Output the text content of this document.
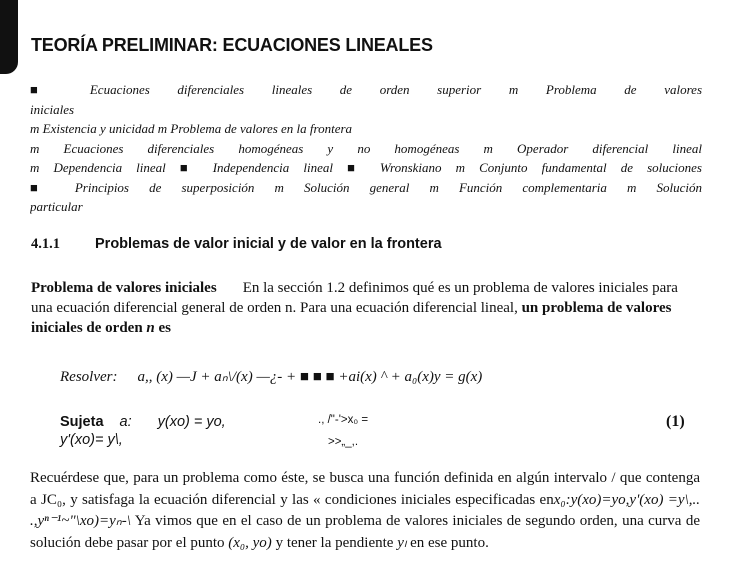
TEORÍA PRELIMINAR: ECUACIONES LINEALES
■ Ecuaciones diferenciales lineales de orden superior m Problema de valores
iniciales
m Existencia y unicidad m Problema de valores en la frontera
m Ecuaciones diferenciales homogéneas y no homogéneas m Operador diferencial lineal
m Dependencia lineal ■ Independencia lineal ■ Wronskiano m Conjunto fundamental de soluciones
■ Principios de superposición m Solución general m Función complementaria m Solución
particular
4.1.1 Problemas de valor inicial y de valor en la frontera
Problema de valores iniciales En la sección 1.2 definimos qué es un problema de valores iniciales para una ecuación diferencial general de orden n. Para una ecuación diferencial lineal, un problema de valores iniciales de orden n es
Resolver: a,, (x) —J + aₙ\/(x) —¿- + ■ ■ ■ +ai(x) ^ + a₀(x)y = g(x)
Sujeta a: y(xo) = yo,	., /"-'>x₀ =

y'(xo)= y\,	>>„_,.
(1)
Recuérdese que, para un problema como éste, se busca una función definida en algún intervalo / que contenga a JC₀, y satisfaga la ecuación diferencial y las « condiciones iniciales especificadas enx₀:y(xo)=yo,y'(xo) =y\,.. .,yⁿ⁻¹~"\xo)=yₙ-\ Ya vimos que en el caso de un problema de valores iniciales de segundo orden, una curva de solución debe pasar por el punto (x₀, yo) y tener la pendiente yₗ en ese punto.
